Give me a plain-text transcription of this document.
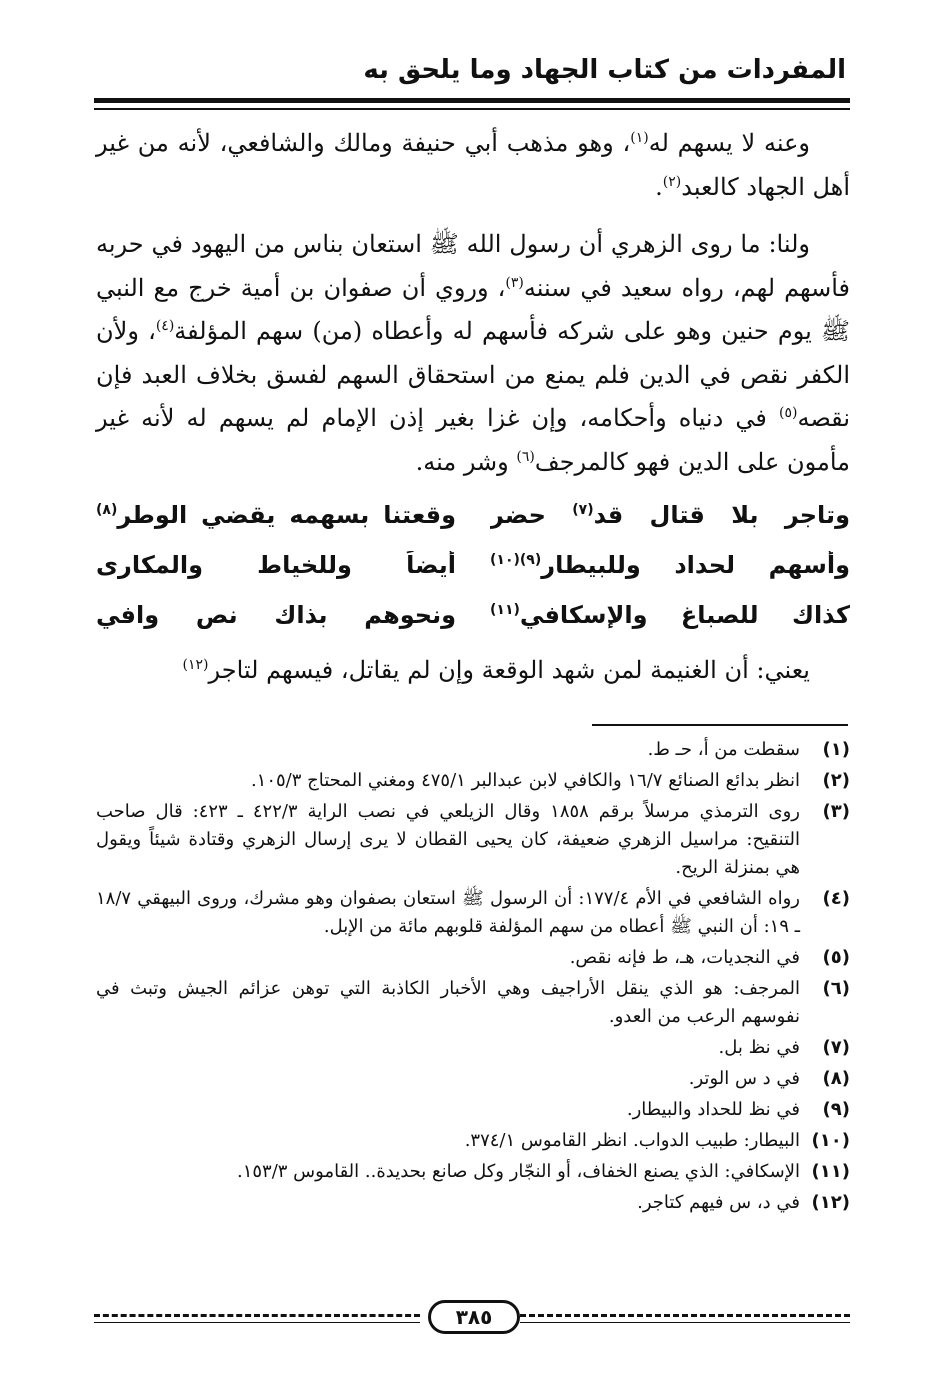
المفردات من كتاب الجهاد وما يلحق به

وعنه لا يسهم له$^{(١)}$، وهو مذهب أبي حنيفة ومالك والشافعي، لأنه من غير أهل الجهاد كالعبد$^{(٢)}$.

ولنا: ما روى الزهري أن رسول الله ﷺ استعان بناس من اليهود في حربه فأسهم لهم، رواه سعيد في سننه$^{(٣)}$، وروي أن صفوان بن أمية خرج مع النبي ﷺ يوم حنين وهو على شركه فأسهم له وأعطاه (من) سهم المؤلفة$^{(٤)}$، ولأن الكفر نقص في الدين فلم يمنع من استحقاق السهم لفسق بخلاف العبد فإن نقصه$^{(٥)}$ في دنياه وأحكامه، وإن غزا بغير إذن الإمام لم يسهم له لأنه غير مأمون على الدين فهو كالمرجف$^{(٦)}$ وشر منه.

وتاجر بلا قتال قد$^{(٧)}$ حضر
وقعتنا بسهمه يقضي الوطر$^{(٨)}$
وأسهم لحداد وللبيطار$^{(٩)(١٠)}$
أيضاً وللخياط والمكارى
كذاك للصباغ والإسكافي$^{(١١)}$
ونحوهم بذاك نص وافي
يعني: أن الغنيمة لمن شهد الوقعة وإن لم يقاتل، فيسهم لتاجر$^{(١٢)}$
(١)
سقطت من أ، حـ ط.
(٢)
انظر بدائع الصنائع ١٦/٧ والكافي لابن عبدالبر ٤٧٥/١ ومغني المحتاج ١٠٥/٣.
(٣)
روى الترمذي مرسلاً برقم ١٨٥٨ وقال الزيلعي في نصب الراية ٤٢٢/٣ ـ ٤٢٣: قال صاحب التنقيح: مراسيل الزهري ضعيفة، كان يحيى القطان لا يرى إرسال الزهري وقتادة شيئاً ويقول هي بمنزلة الريح.
(٤)
رواه الشافعي في الأم ١٧٧/٤: أن الرسول ﷺ استعان بصفوان وهو مشرك، وروى البيهقي ١٨/٧ ـ ١٩: أن النبي ﷺ أعطاه من سهم المؤلفة قلوبهم مائة من الإبل.
(٥)
في النجديات، هـ، ط فإنه نقص.
(٦)
المرجف: هو الذي ينقل الأراجيف وهي الأخبار الكاذبة التي توهن عزائم الجيش وتبث في نفوسهم الرعب من العدو.
(٧)
في نظ بل.
(٨)
في د س الوتر.
(٩)
في نظ للحداد والبيطار.
(١٠)
البيطار: طبيب الدواب. انظر القاموس ٣٧٤/١.
(١١)
الإسكافي: الذي يصنع الخفاف، أو النجّار وكل صانع بحديدة.. القاموس ١٥٣/٣.
(١٢)
في د، س فيهم كتاجر.
٣٨٥
